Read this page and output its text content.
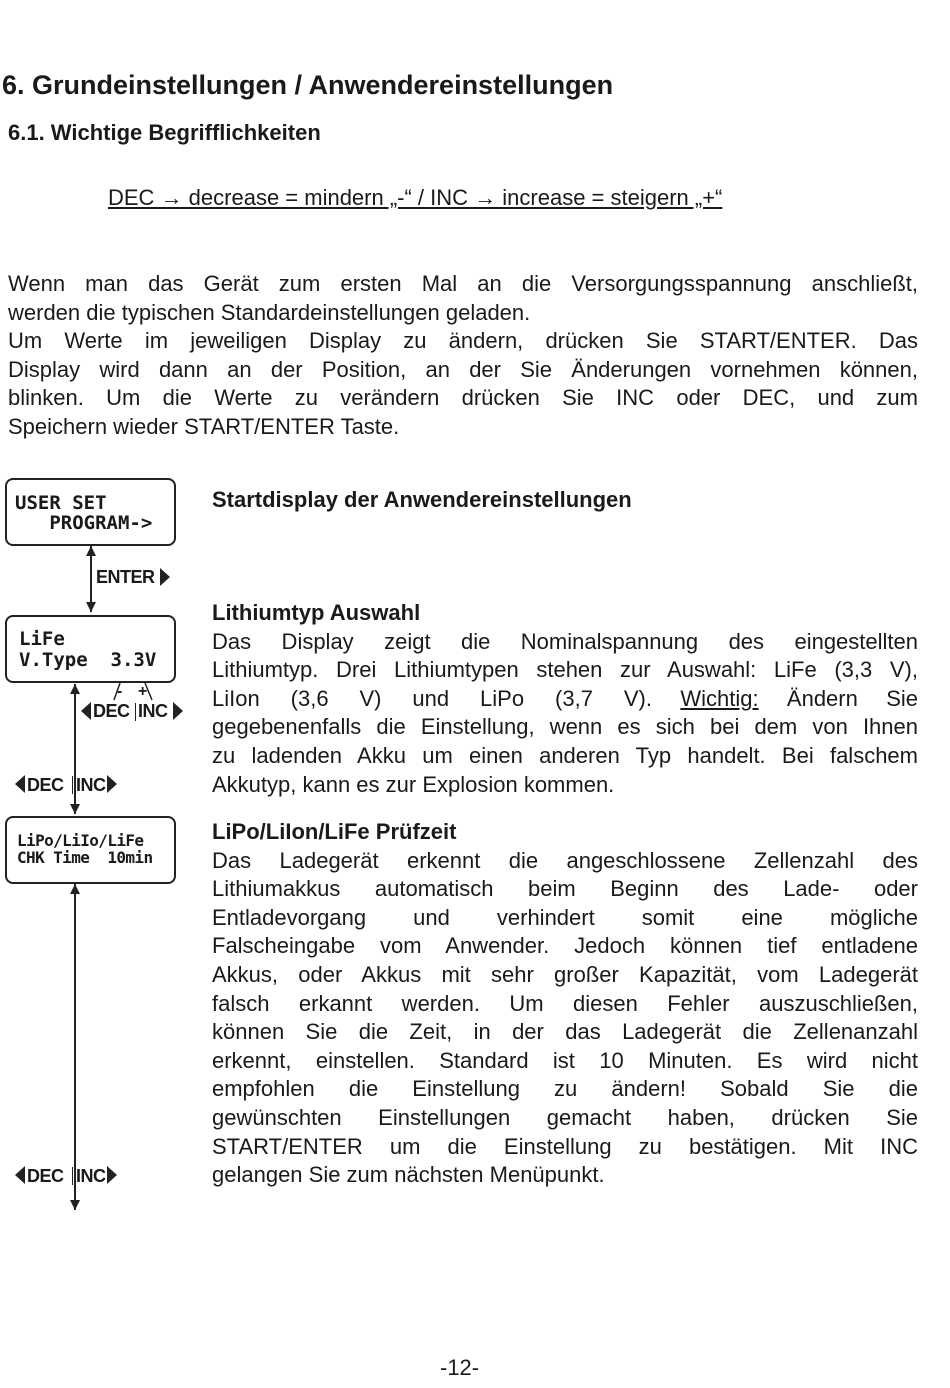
6. Grundeinstellungen / Anwendereinstellungen
6.1. Wichtige Begrifflichkeiten
DEC → decrease = mindern „-“ / INC → increase = steigern „+“

Wenn man das Gerät zum ersten Mal an die Versorgungsspannung anschließt,

werden die typischen Standardeinstellungen geladen.

Um Werte im jeweiligen Display zu ändern, drücken Sie START/ENTER. Das

Display wird dann an der Position, an der Sie Änderungen vornehmen können,

blinken. Um die Werte zu verändern drücken Sie INC oder DEC, und zum

Speichern wieder START/ENTER Taste.

USER SET
PROGRAM->
ENTER
LiFe
V.Type  3.3V
- +
DEC INC
DEC INC
LiPo/LiIo/LiFe
CHK Time  10min
DEC INC
Startdisplay der Anwendereinstellungen
Lithiumtyp Auswahl
Das Display zeigt die Nominalspannung des eingestellten
Lithiumtyp. Drei Lithiumtypen stehen zur Auswahl: LiFe (3,3 V),
LiIon (3,6 V) und LiPo (3,7 V). Wichtig: Ändern Sie
gegebenenfalls die Einstellung, wenn es sich bei dem von Ihnen
zu ladenden Akku um einen anderen Typ handelt. Bei falschem
Akkutyp, kann es zur Explosion kommen.
LiPo/LiIon/LiFe Prüfzeit
Das Ladegerät erkennt die angeschlossene Zellenzahl des
Lithiumakkus automatisch beim Beginn des Lade- oder
Entladevorgang und verhindert somit eine mögliche
Falscheingabe vom Anwender. Jedoch können tief entladene
Akkus, oder Akkus mit sehr großer Kapazität, vom Ladegerät
falsch erkannt werden. Um diesen Fehler auszuschließen,
können Sie die Zeit, in der das Ladegerät die Zellenanzahl
erkennt, einstellen. Standard ist 10 Minuten. Es wird nicht
empfohlen die Einstellung zu ändern! Sobald Sie die
gewünschten Einstellungen gemacht haben, drücken Sie
START/ENTER um die Einstellung zu bestätigen. Mit INC
gelangen Sie zum nächsten Menüpunkt.
-12-
